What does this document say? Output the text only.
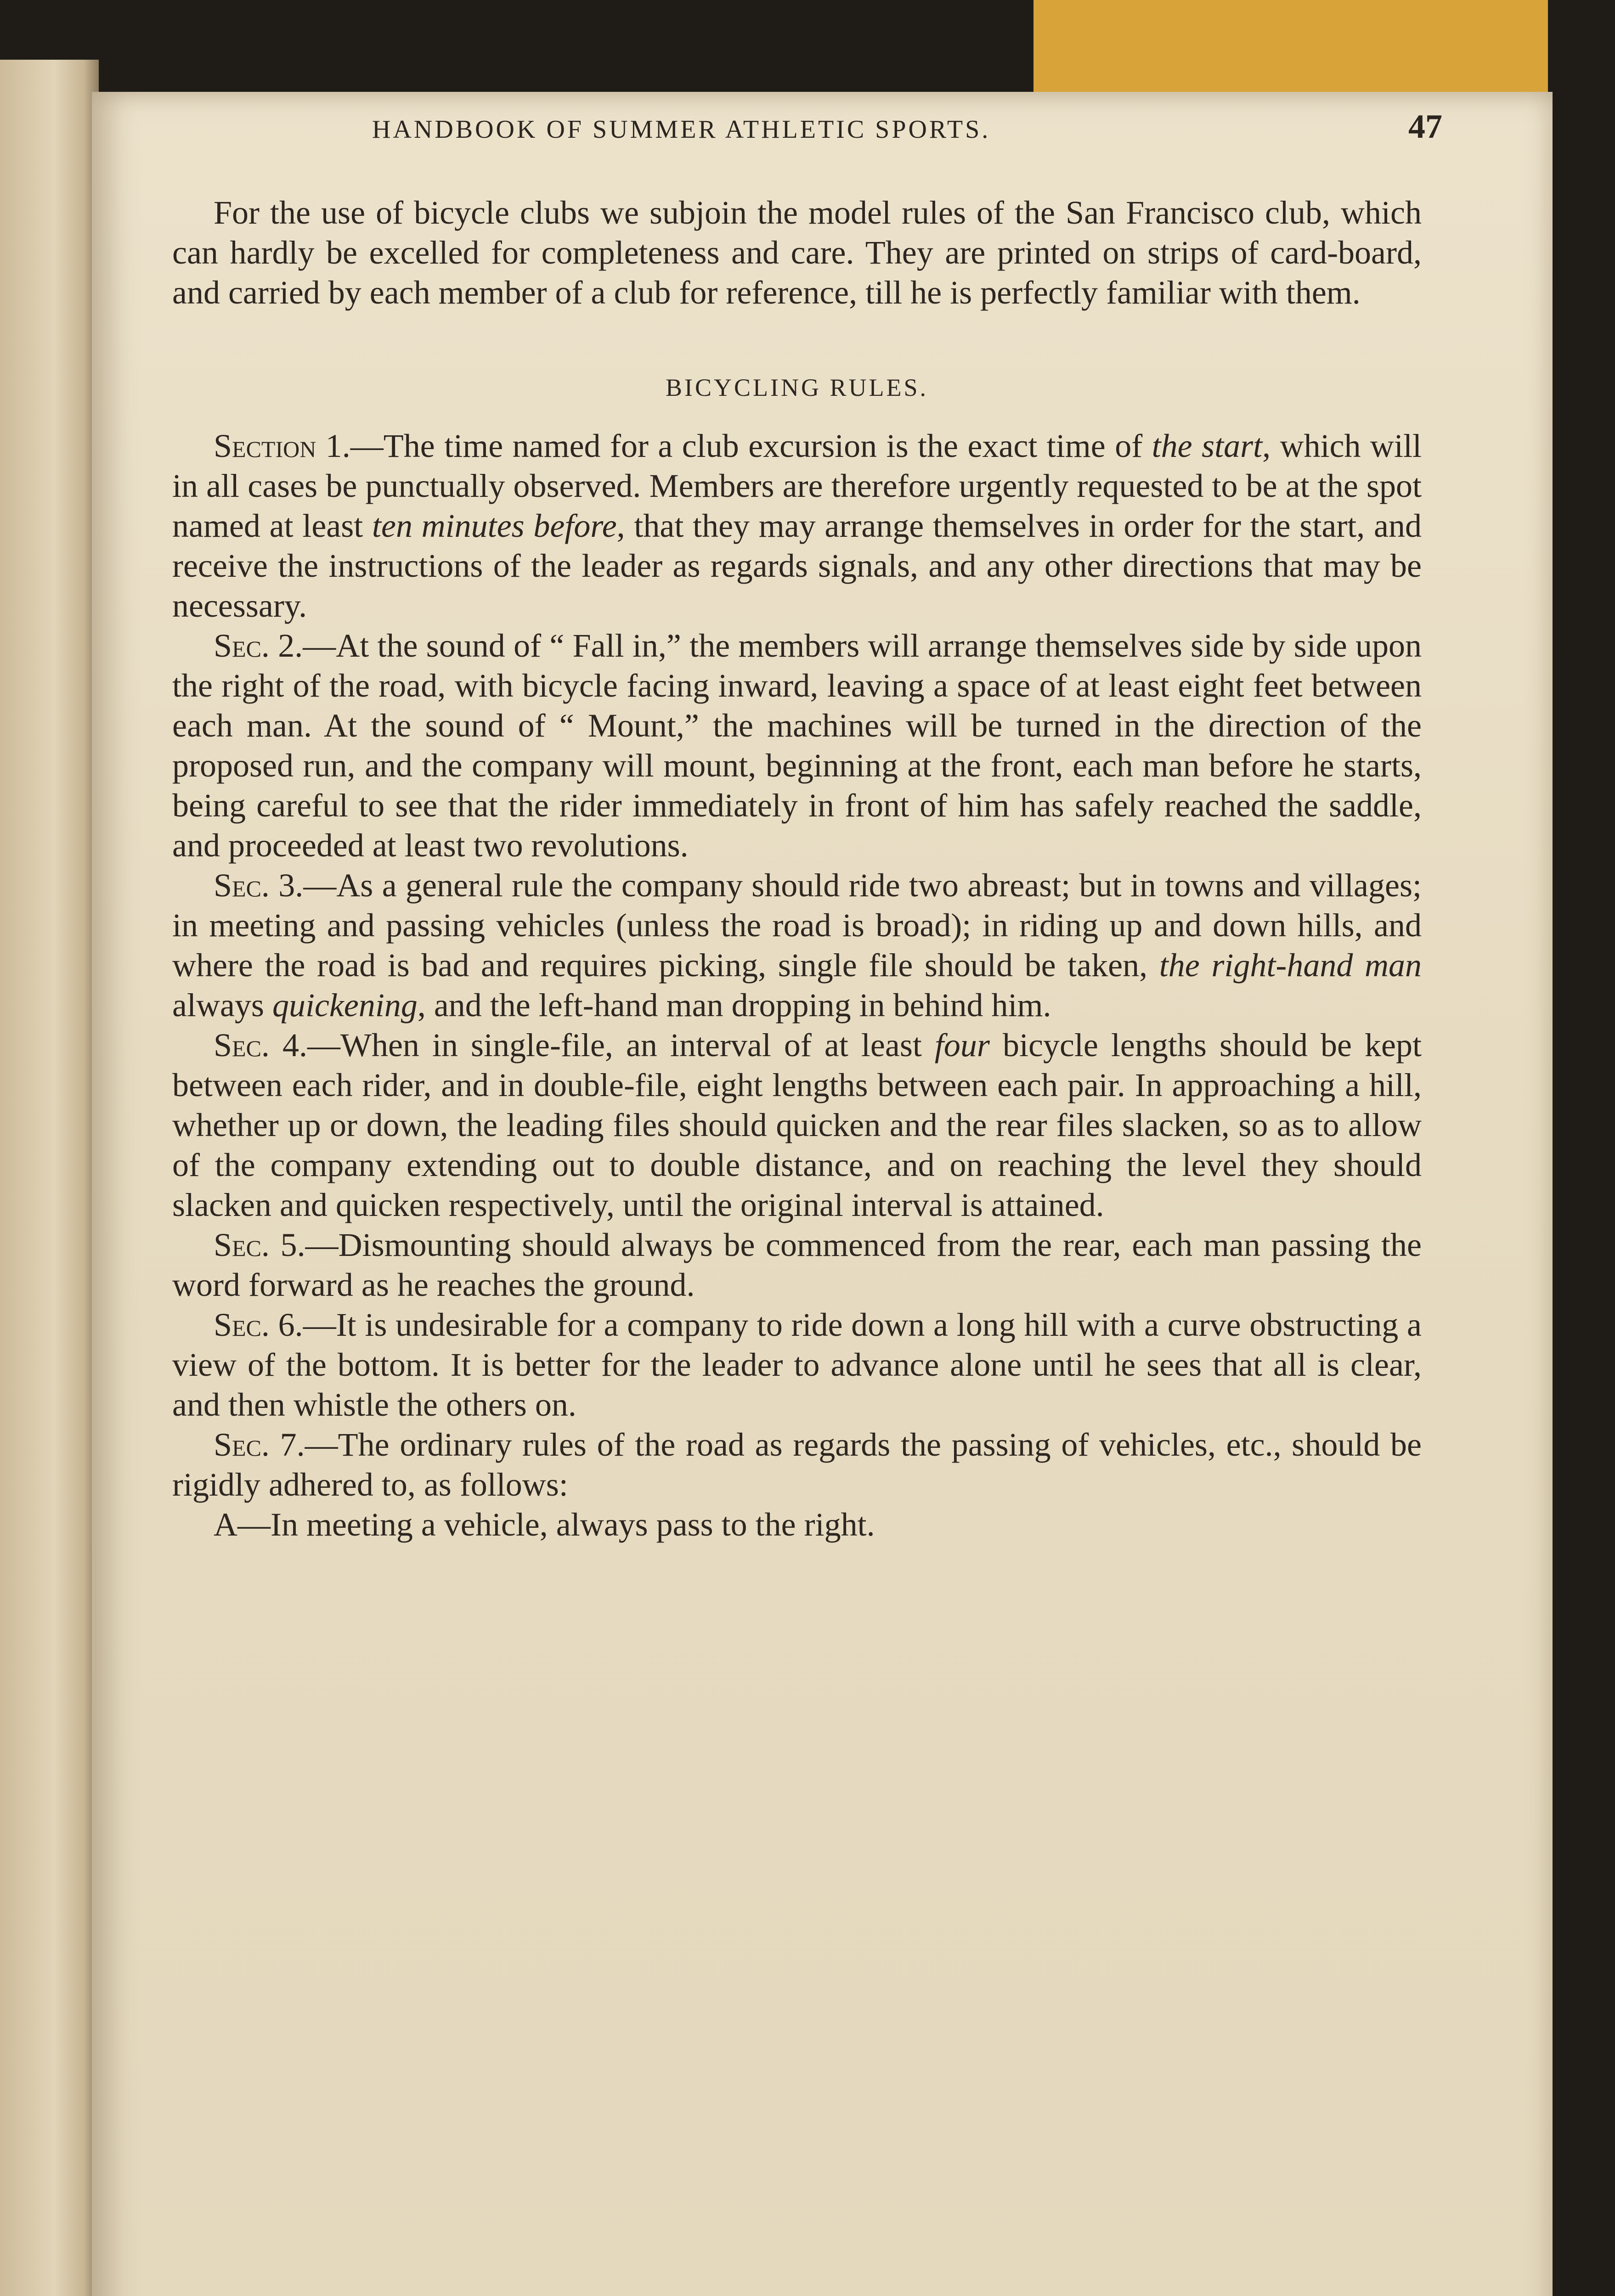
HANDBOOK OF SUMMER ATHLETIC SPORTS.	47

For the use of bicycle clubs we subjoin the model rules of the San Francisco club, which can hardly be excelled for completeness and care. They are printed on strips of card-board, and carried by each member of a club for reference, till he is perfectly familiar with them.

BICYCLING RULES.

Section 1.—The time named for a club excursion is the exact time of the start, which will in all cases be punctually observed. Members are therefore urgently requested to be at the spot named at least ten minutes before, that they may arrange themselves in order for the start, and receive the instructions of the leader as regards signals, and any other directions that may be necessary.

Sec. 2.—At the sound of “ Fall in,” the members will arrange themselves side by side upon the right of the road, with bicycle facing inward, leaving a space of at least eight feet between each man. At the sound of “ Mount,” the machines will be turned in the direction of the proposed run, and the company will mount, beginning at the front, each man before he starts, being careful to see that the rider immediately in front of him has safely reached the saddle, and proceeded at least two revolutions.

Sec. 3.—As a general rule the company should ride two abreast; but in towns and villages; in meeting and passing vehicles (unless the road is broad); in riding up and down hills, and where the road is bad and requires picking, single file should be taken, the right-hand man always quickening, and the left-hand man dropping in behind him.

Sec. 4.—When in single-file, an interval of at least four bicycle lengths should be kept between each rider, and in double-file, eight lengths between each pair. In approaching a hill, whether up or down, the leading files should quicken and the rear files slacken, so as to allow of the company extending out to double distance, and on reaching the level they should slacken and quicken respectively, until the original interval is attained.

Sec. 5.—Dismounting should always be commenced from the rear, each man passing the word forward as he reaches the ground.

Sec. 6.—It is undesirable for a company to ride down a long hill with a curve obstructing a view of the bottom. It is better for the leader to advance alone until he sees that all is clear, and then whistle the others on.

Sec. 7.—The ordinary rules of the road as regards the passing of vehicles, etc., should be rigidly adhered to, as follows:

A—In meeting a vehicle, always pass to the right.
